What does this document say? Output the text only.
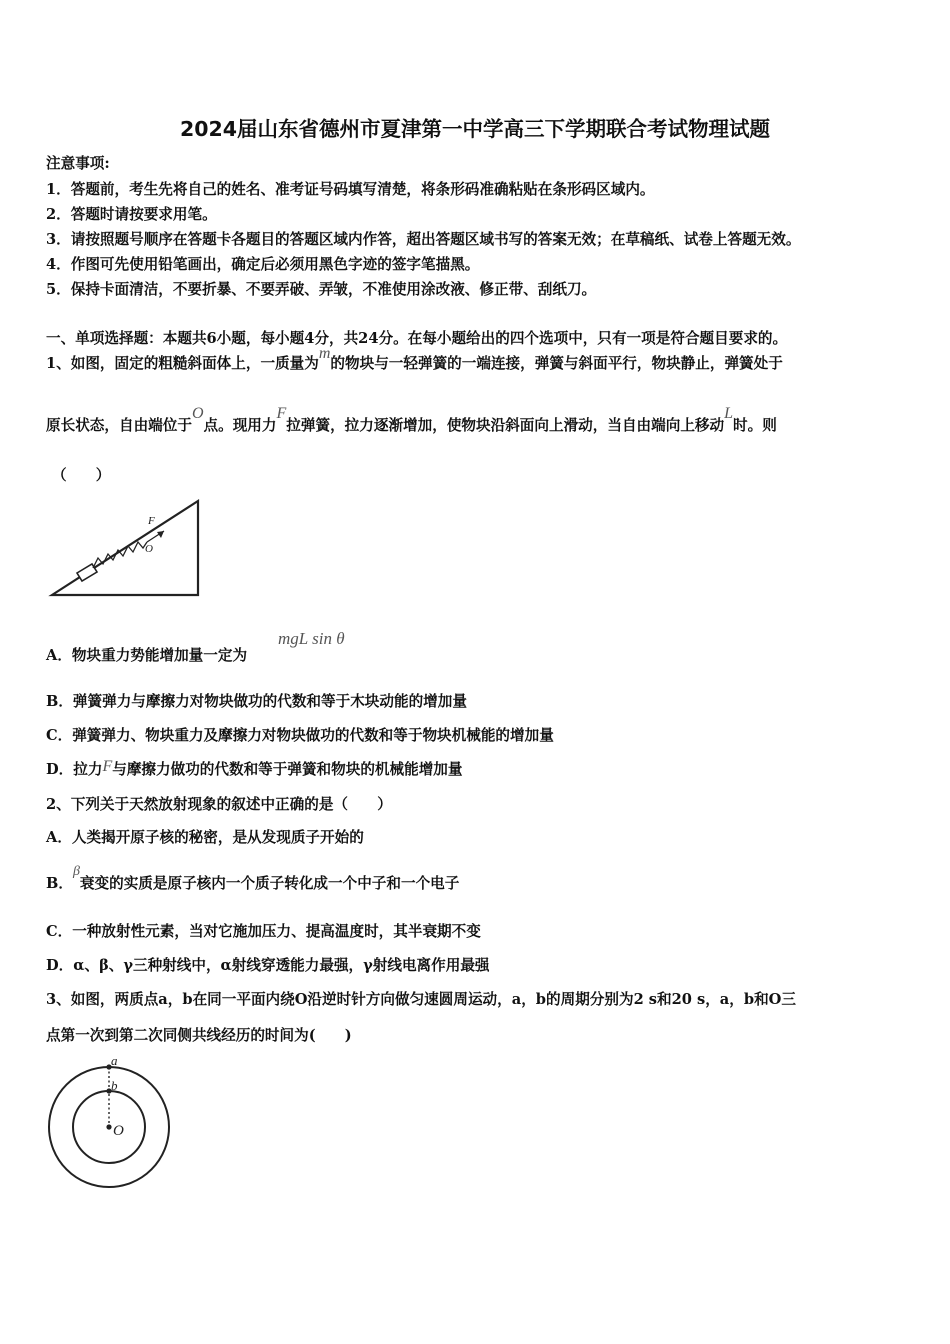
2024届山东省德州市夏津第一中学高三下学期联合考试物理试题
注意事项:
1．答题前，考生先将自己的姓名、准考证号码填写清楚，将条形码准确粘贴在条形码区域内。
2．答题时请按要求用笔。
3．请按照题号顺序在答题卡各题目的答题区域内作答，超出答题区域书写的答案无效；在草稿纸、试卷上答题无效。
4．作图可先使用铅笔画出，确定后必须用黑色字迹的签字笔描黑。
5．保持卡面清洁，不要折暴、不要弄破、弄皱，不准使用涂改液、修正带、刮纸刀。
一、单项选择题：本题共6小题，每小题4分，共24分。在每小题给出的四个选项中，只有一项是符合题目要求的。
1、如图，固定的粗糙斜面体上，一质量为m的物块与一轻弹簧的一端连接，弹簧与斜面平行，物块静止，弹簧处于
原长状态，自由端位于O点。现用力F拉弹簧，拉力逐渐增加，使物块沿斜面向上滑动，当自由端向上移动L时。则
（　　）
F
O
A．物块重力势能增加量一定为
mgL sin θ
B．弹簧弹力与摩擦力对物块做功的代数和等于木块动能的增加量
C．弹簧弹力、物块重力及摩擦力对物块做功的代数和等于物块机械能的增加量
D．拉力F与摩擦力做功的代数和等于弹簧和物块的机械能增加量
2、下列关于天然放射现象的叙述中正确的是（　　）
A．人类揭开原子核的秘密，是从发现质子开始的
B．β衰变的实质是原子核内一个质子转化成一个中子和一个电子
C．一种放射性元素，当对它施加压力、提高温度时，其半衰期不变
D．α、β、γ三种射线中，α射线穿透能力最强，γ射线电离作用最强
3、如图，两质点a，b在同一平面内绕O沿逆时针方向做匀速圆周运动，a，b的周期分别为2 s和20 s，a，b和O三
点第一次到第二次同侧共线经历的时间为(　　)
a
b
O
